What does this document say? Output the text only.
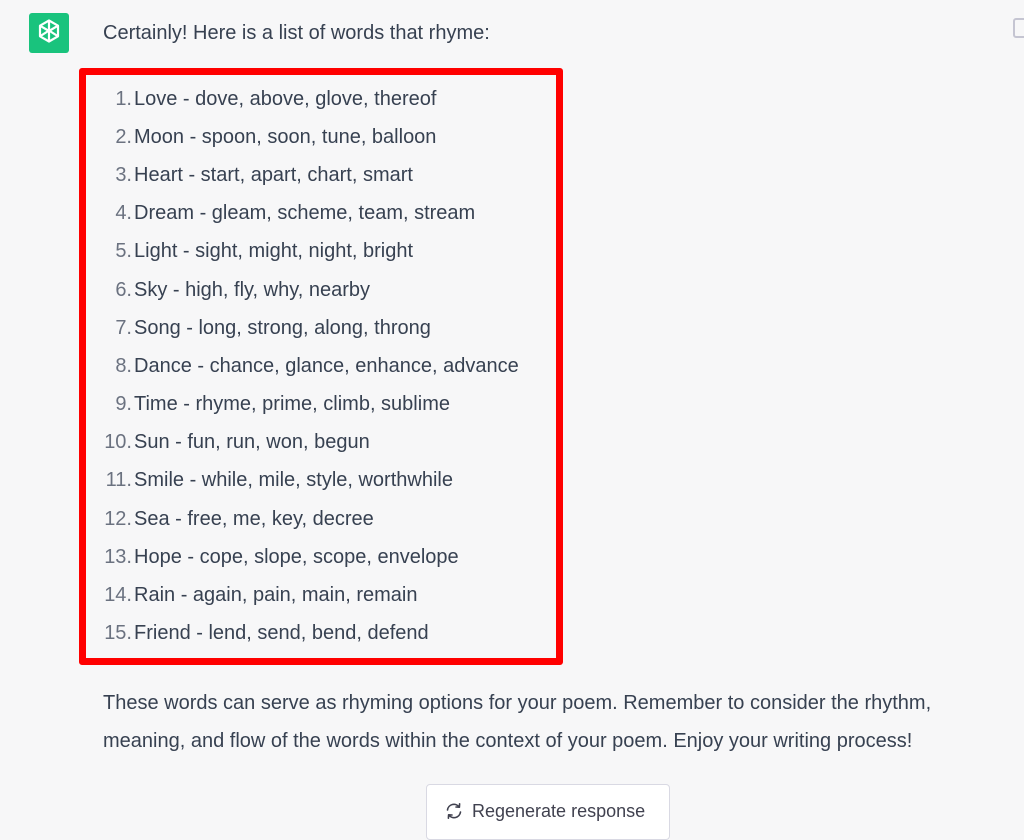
Certainly! Here is a list of words that rhyme:
1. Love - dove, above, glove, thereof
2. Moon - spoon, soon, tune, balloon
3. Heart - start, apart, chart, smart
4. Dream - gleam, scheme, team, stream
5. Light - sight, might, night, bright
6. Sky - high, fly, why, nearby
7. Song - long, strong, along, throng
8. Dance - chance, glance, enhance, advance
9. Time - rhyme, prime, climb, sublime
10. Sun - fun, run, won, begun
11. Smile - while, mile, style, worthwhile
12. Sea - free, me, key, decree
13. Hope - cope, slope, scope, envelope
14. Rain - again, pain, main, remain
15. Friend - lend, send, bend, defend

These words can serve as rhyming options for your poem. Remember to consider the rhythm, meaning, and flow of the words within the context of your poem. Enjoy your writing process!

Regenerate response
